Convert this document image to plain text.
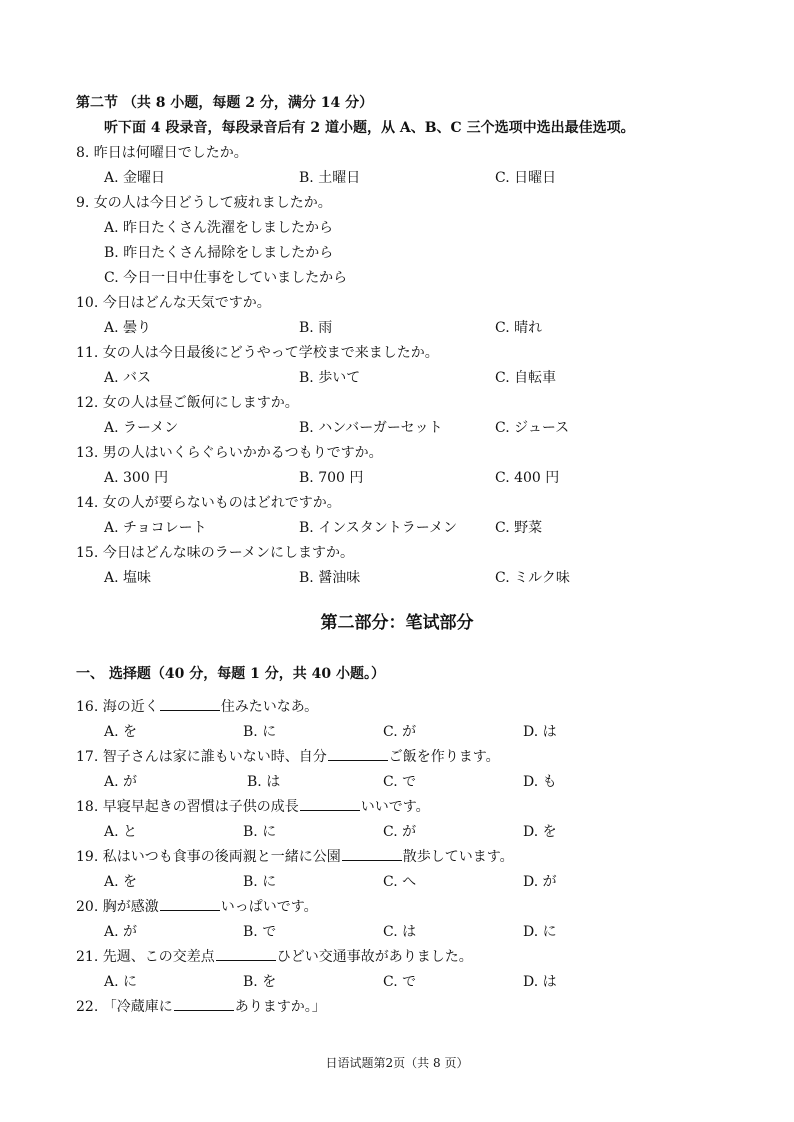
第二节 （共 8 小题，每题 2 分，满分 14 分）
听下面 4 段录音，每段录音后有 2 道小题，从 A、B、C 三个选项中选出最佳选项。
8. 昨日は何曜日でしたか。
A. 金曜日	B. 土曜日	C. 日曜日
9. 女の人は今日どうして疲れましたか。
A. 昨日たくさん洗濯をしましたから
B. 昨日たくさん掃除をしましたから
C. 今日一日中仕事をしていましたから
10. 今日はどんな天気ですか。
A. 曇り	B. 雨	C. 晴れ
11. 女の人は今日最後にどうやって学校まで来ましたか。
A. バス	B. 歩いて	C. 自転車
12. 女の人は昼ご飯何にしますか。
A. ラーメン	B. ハンバーガーセット	C. ジュース
13. 男の人はいくらぐらいかかるつもりですか。
A. 300 円	B. 700 円	C. 400 円
14. 女の人が要らないものはどれですか。
A. チョコレート	B. インスタントラーメン	C. 野菜
15. 今日はどんな味のラーメンにしますか。
A. 塩味	B. 醤油味	C. ミルク味
第二部分：笔试部分
一、 选择题（40 分，每题 1 分，共 40 小题。）
16. 海の近く	住みたいなあ。
A. を	B. に	C. が	D. は
17. 智子さんは家に誰もいない時、自分	ご飯を作ります。
A. が	B. は	C. で	D. も
18. 早寝早起きの習慣は子供の成長	いいです。
A. と	B. に	C. が	D. を
19. 私はいつも食事の後両親と一緒に公園	散歩しています。
A. を	B. に	C. へ	D. が
20. 胸が感激	いっぱいです。
A. が	B. で	C. は	D. に
21. 先週、この交差点	ひどい交通事故がありました。
A. に	B. を	C. で	D. は
22. 「冷蔵庫に	ありますか。」
日语试题第2页（共 8 页）
